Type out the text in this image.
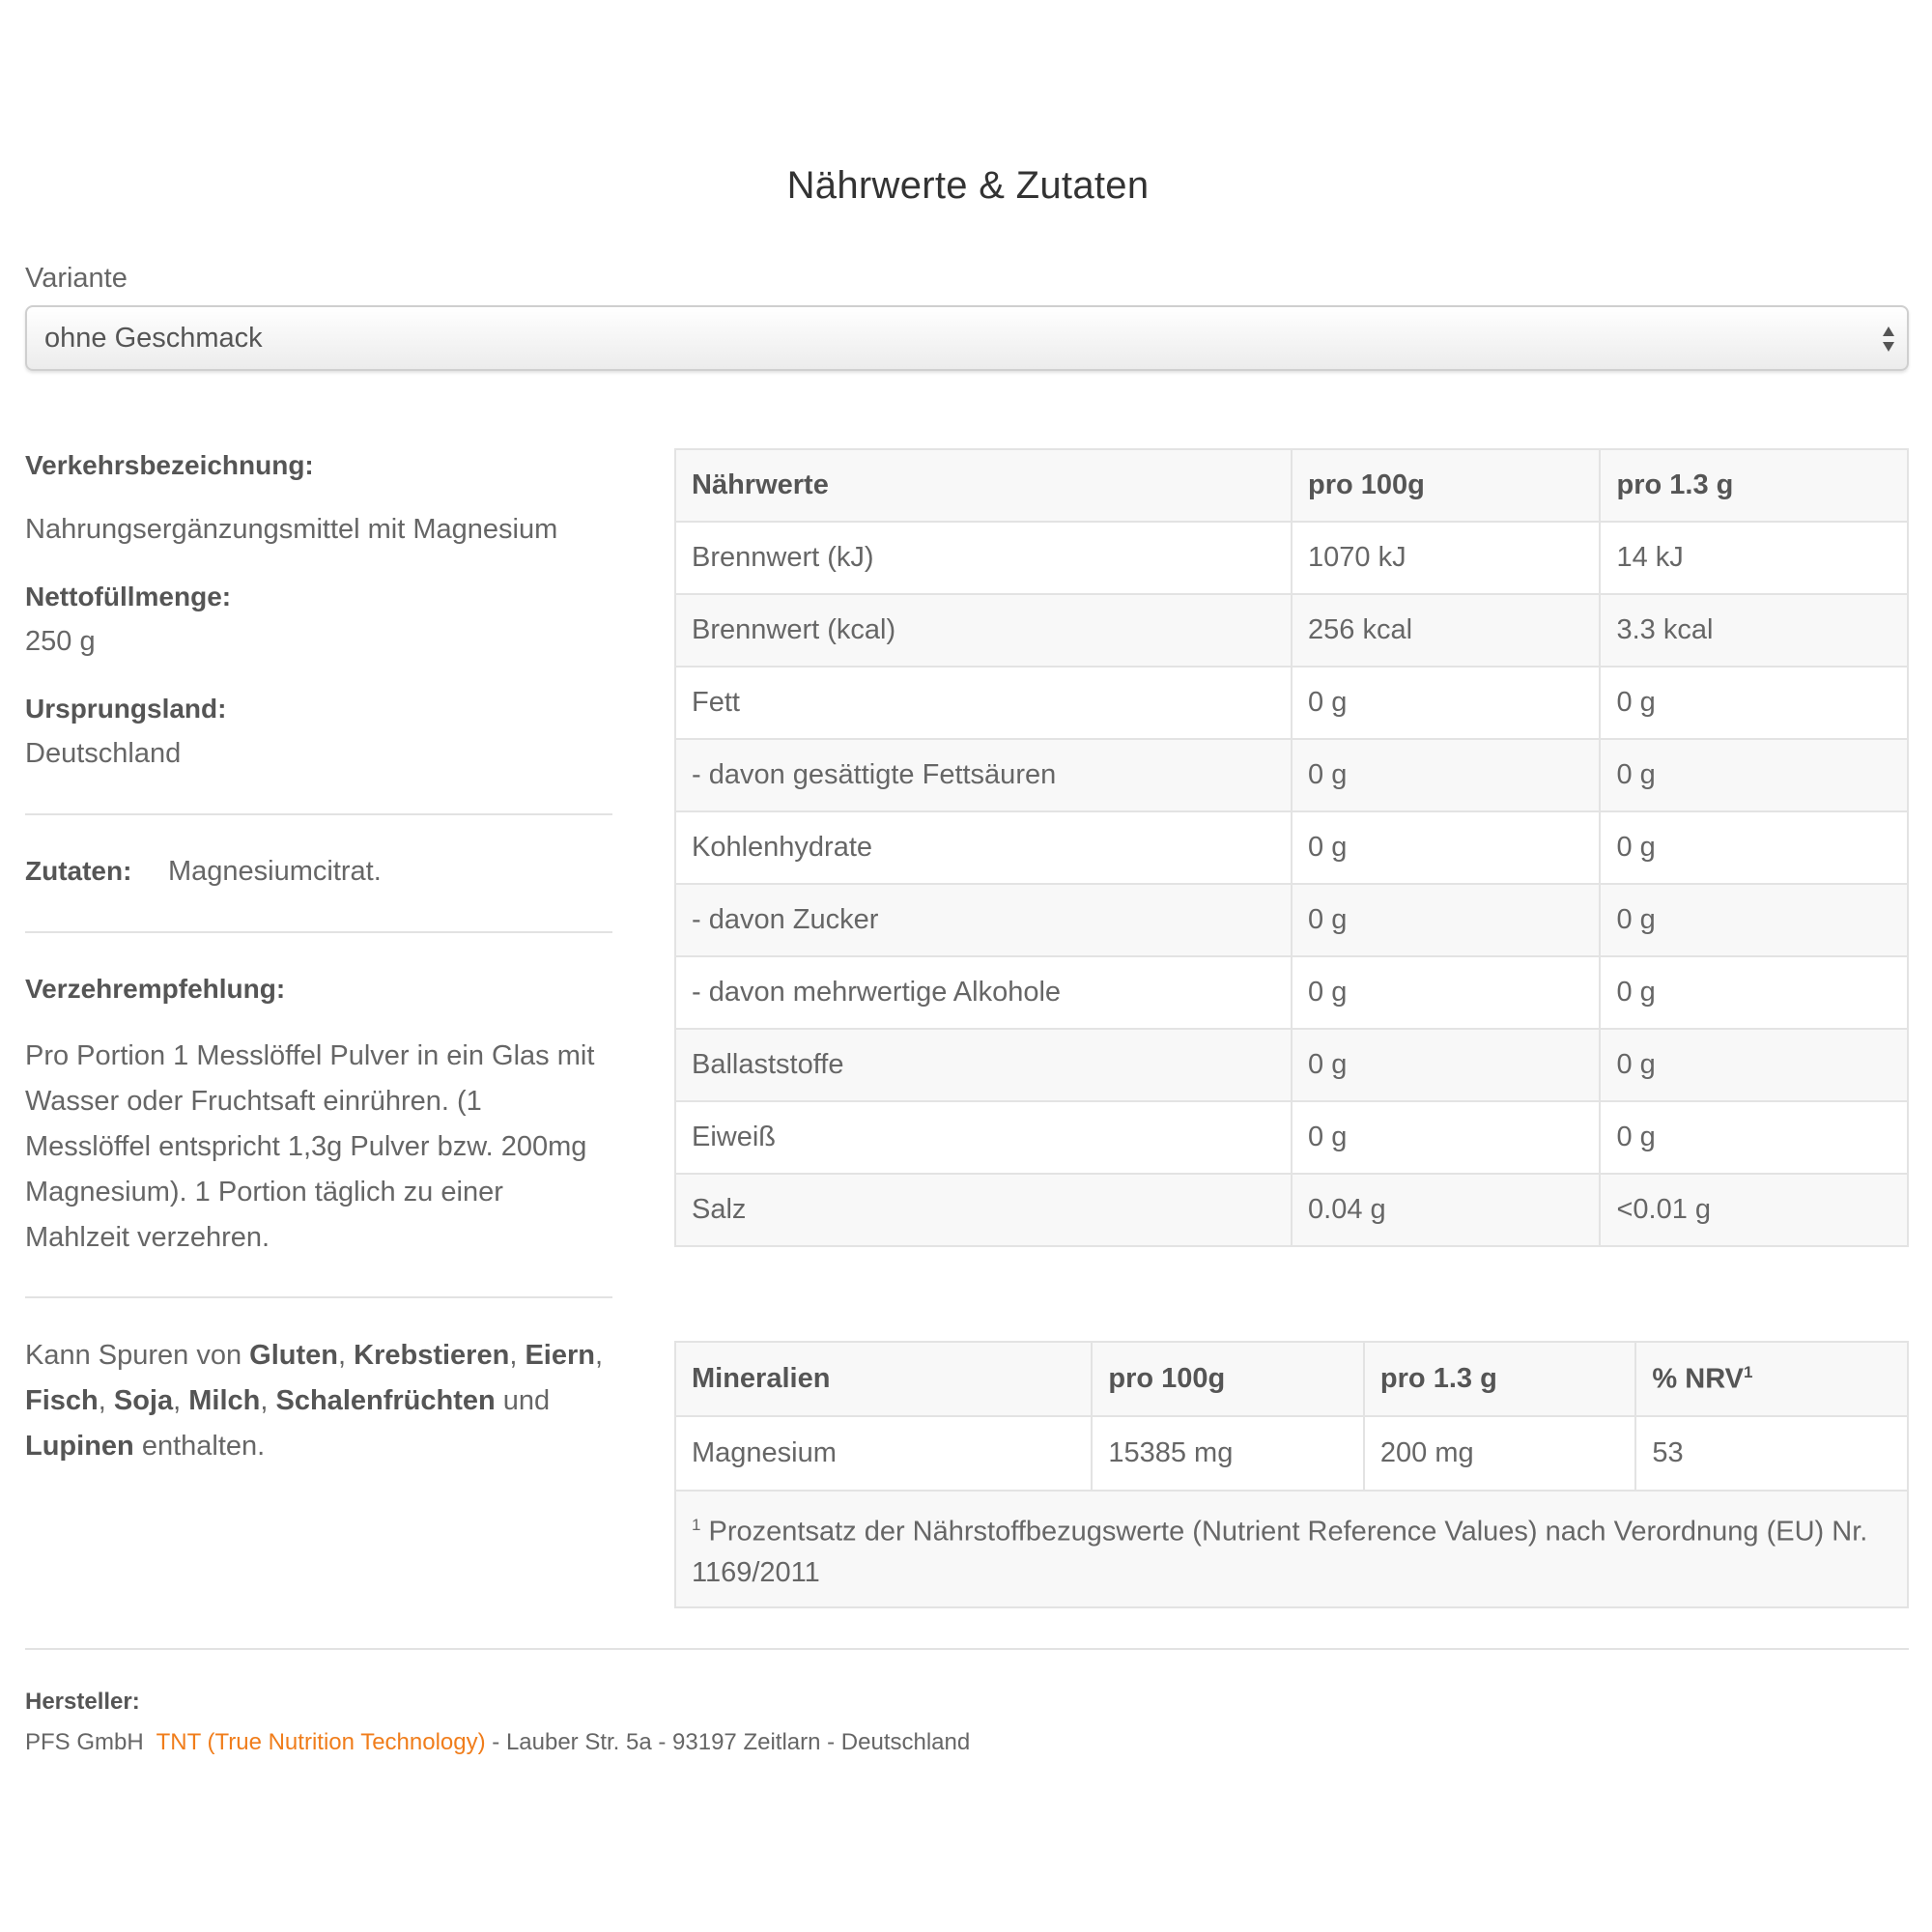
Nährwerte & Zutaten
Variante
ohne Geschmack
Verkehrsbezeichnung:
Nahrungsergänzungsmittel mit Magnesium
Nettofüllmenge:
250 g
Ursprungsland:
Deutschland
Zutaten: Magnesiumcitrat.
Verzehrempfehlung:
Pro Portion 1 Messlöffel Pulver in ein Glas mit Wasser oder Fruchtsaft einrühren. (1 Messlöffel entspricht 1,3g Pulver bzw. 200mg Magnesium). 1 Portion täglich zu einer Mahlzeit verzehren.
Kann Spuren von Gluten, Krebstieren, Eiern, Fisch, Soja, Milch, Schalenfrüchten und Lupinen enthalten.
Nährwerte	pro 100g	pro 1.3 g
Brennwert (kJ)	1070 kJ	14 kJ
Brennwert (kcal)	256 kcal	3.3 kcal
Fett	0 g	0 g
- davon gesättigte Fettsäuren	0 g	0 g
Kohlenhydrate	0 g	0 g
- davon Zucker	0 g	0 g
- davon mehrwertige Alkohole	0 g	0 g
Ballaststoffe	0 g	0 g
Eiweiß	0 g	0 g
Salz	0.04 g	<0.01 g
Mineralien	pro 100g	pro 1.3 g	% NRV$^1$
Magnesium	15385 mg	200 mg	53
$^1$ Prozentsatz der Nährstoffbezugswerte (Nutrient Reference Values) nach Verordnung (EU) Nr. 1169/2011			
Hersteller:
PFS GmbH TNT (True Nutrition Technology) - Lauber Str. 5a - 93197 Zeitlarn - Deutschland
